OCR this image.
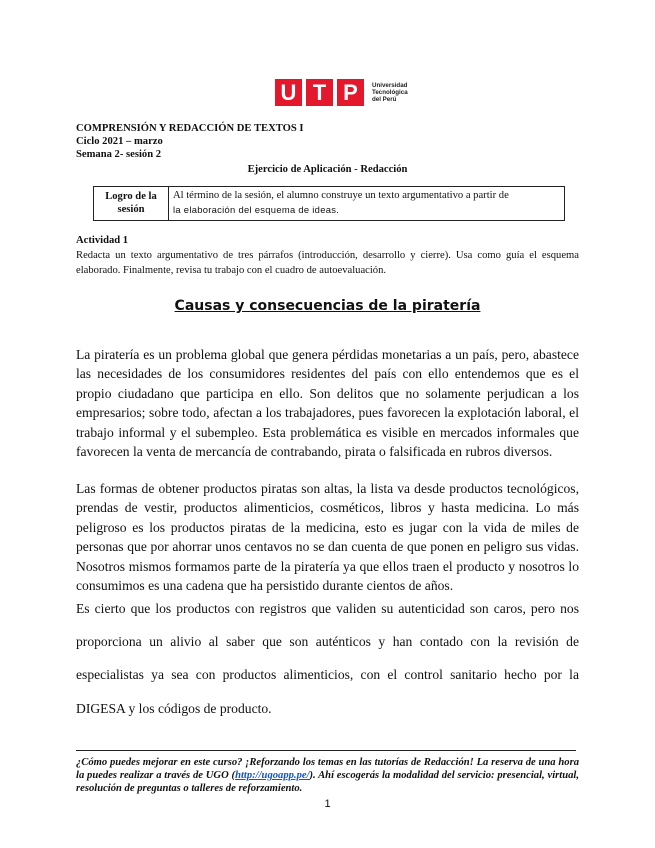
U T P	Universidad
Tecnológica
del Perú
COMPRENSIÓN Y REDACCIÓN DE TEXTOS I
Ciclo 2021 – marzo
Semana 2- sesión 2
Ejercicio de Aplicación - Redacción
Logro de la
sesión
Al término de la sesión, el alumno construye un texto argumentativo a partir de
la elaboración del esquema de ideas.
Actividad 1
Redacta un texto argumentativo de tres párrafos (introducción, desarrollo y cierre). Usa como guía el esquema elaborado. Finalmente, revisa tu trabajo con el cuadro de autoevaluación.
Causas y consecuencias de la piratería
La piratería es un problema global que genera pérdidas monetarias a un país, pero, abastece las necesidades de los consumidores residentes del país con ello entendemos que es el propio ciudadano que participa en ello. Son delitos que no solamente perjudican a los empresarios; sobre todo, afectan a los trabajadores, pues favorecen la explotación laboral, el trabajo informal y el subempleo. Esta problemática es visible en mercados informales que favorecen la venta de mercancía de contrabando, pirata o falsificada en rubros diversos.
Las formas de obtener productos piratas son altas, la lista va desde productos tecnológicos, prendas de vestir, productos alimenticios, cosméticos, libros y hasta medicina. Lo más peligroso es los productos piratas de la medicina, esto es jugar con la vida de miles de personas que por ahorrar unos centavos no se dan cuenta de que ponen en peligro sus vidas. Nosotros mismos formamos parte de la piratería ya que ellos traen el producto y nosotros lo consumimos es una cadena que ha persistido durante cientos de años.
Es cierto que los productos con registros que validen su autenticidad son caros, pero nos
proporciona un alivio al saber que son auténticos y han contado con la revisión de
especialistas ya sea con productos alimenticios, con el control sanitario hecho por la
DIGESA y los códigos de producto.
¿Cómo puedes mejorar en este curso? ¡Reforzando los temas en las tutorías de Redacción! La reserva de una hora la puedes realizar a través de UGO (http://ugoapp.pe/). Ahí escogerás la modalidad del servicio: presencial, virtual, resolución de preguntas o talleres de reforzamiento.
1
